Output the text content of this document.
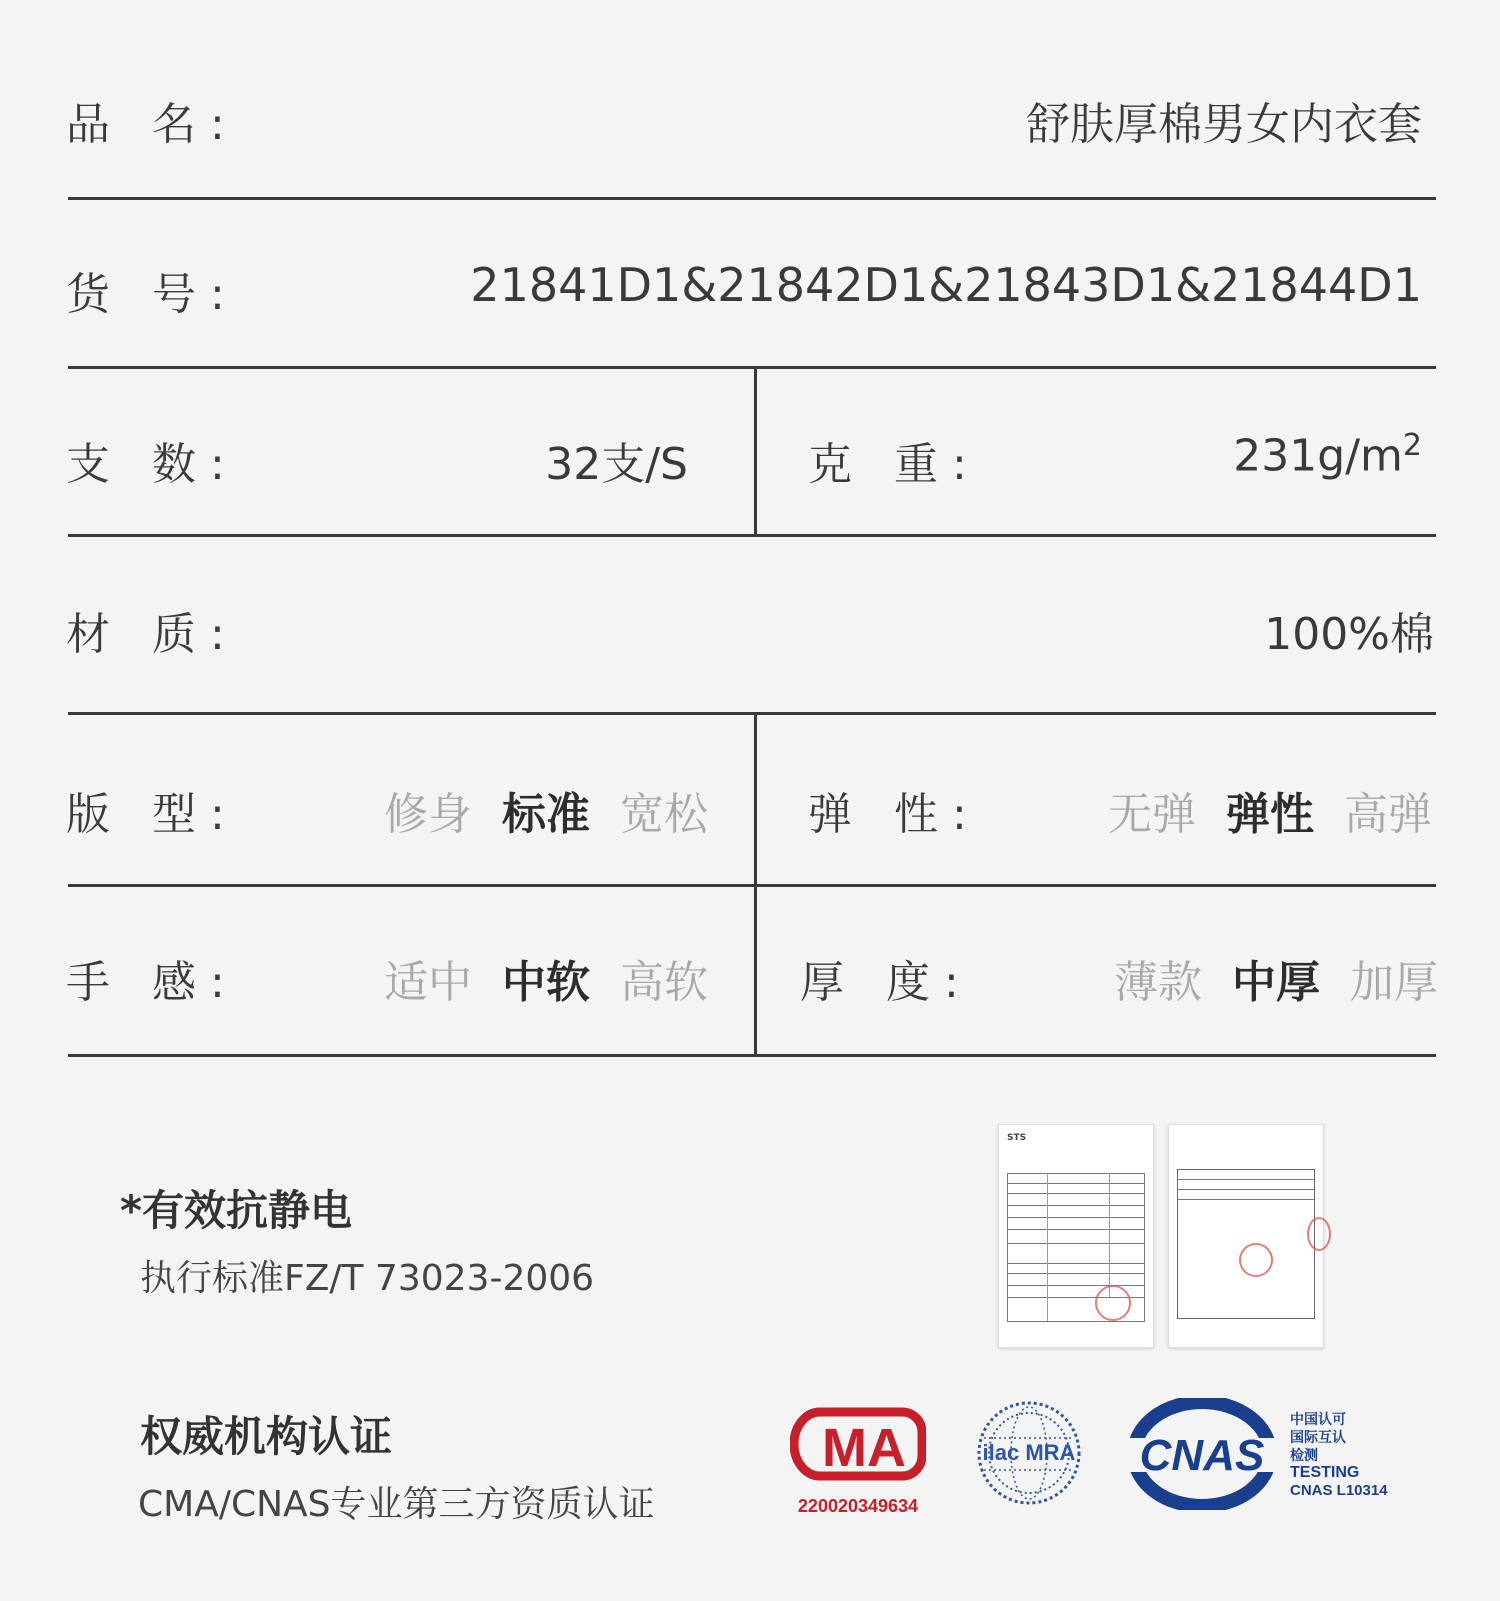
品 名:	舒肤厚棉男女内衣套
货 号:	21841D1&21842D1&21843D1&21844D1
支 数:	32支/S	克 重:	$231g/m^2$
材 质:	100%棉
版 型:	修身 标准 宽松 弹 性:	无弹 弹性 高弹
手 感:	适中 中软 高软 厚 度:	薄款 中厚 加厚
*有效抗静电
执行标准FZ/T 73023-2006
STS
权威机构认证
CMA/CNAS专业第三方资质认证
MA
220020349634
ilac MRA CNAS
中国认可
国际互认
检测
TESTING
CNAS L10314
